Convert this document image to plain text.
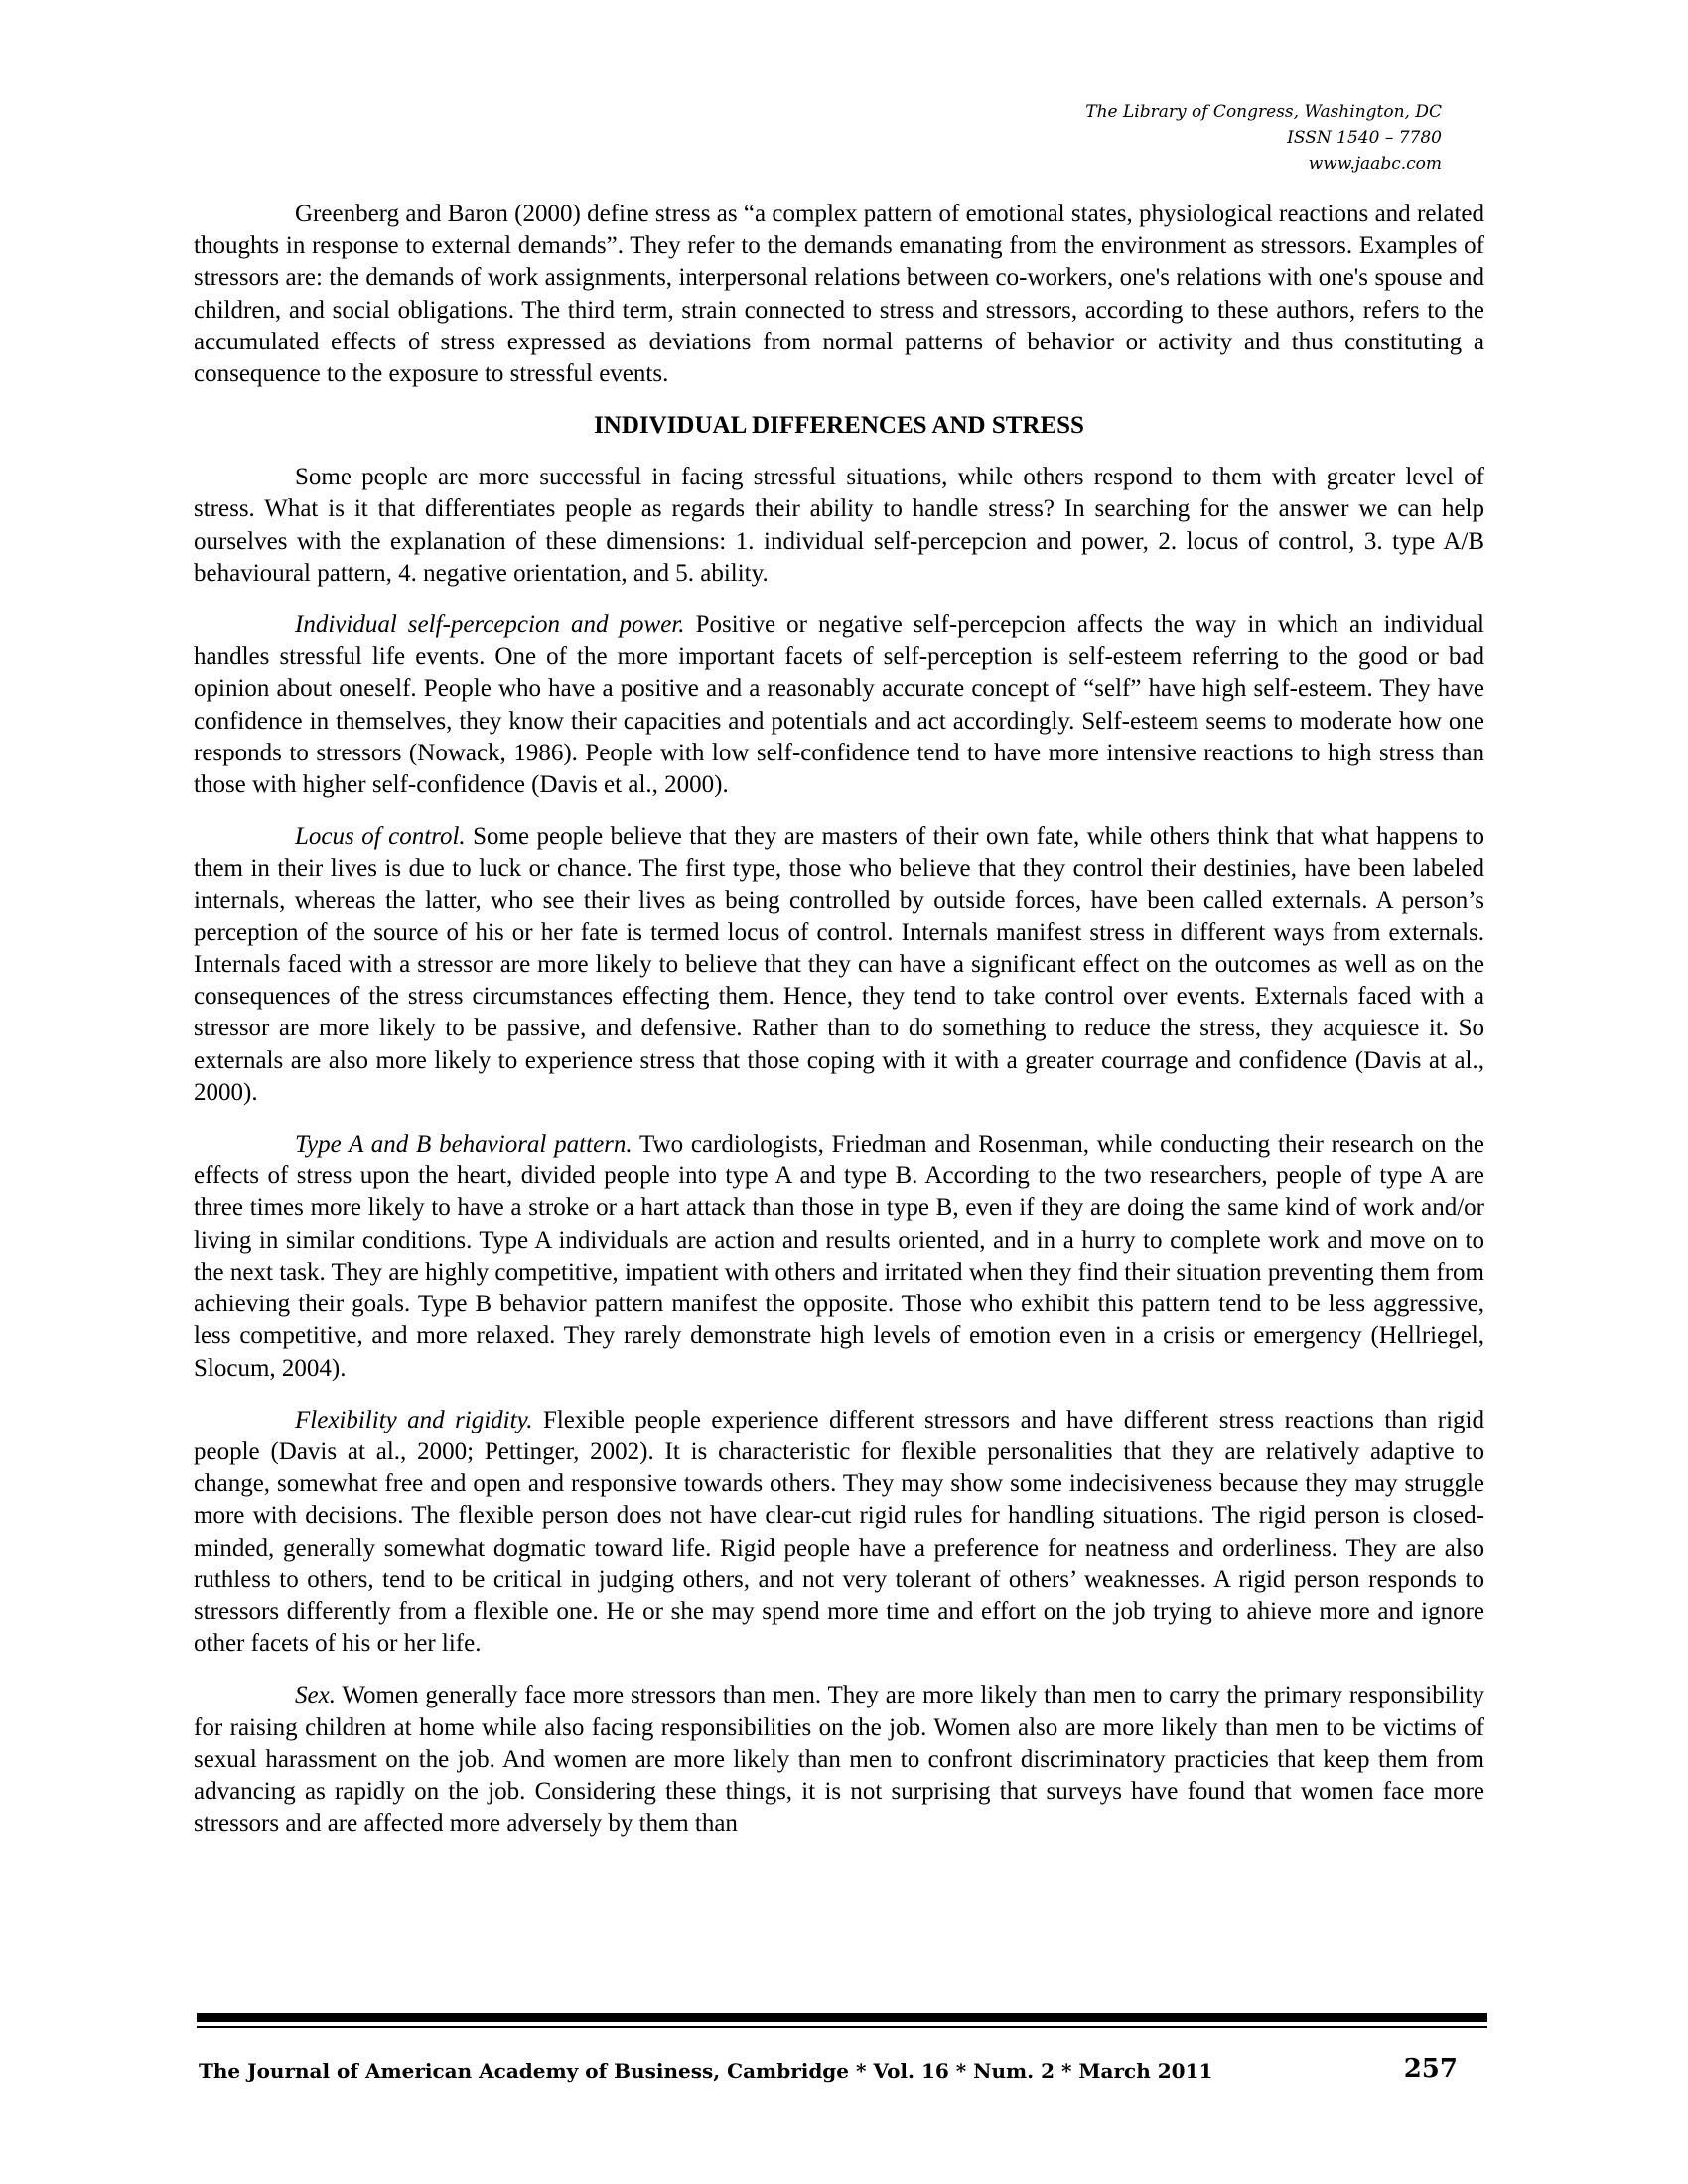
The Library of Congress, Washington, DC
ISSN 1540 – 7780
www.jaabc.com

Greenberg and Baron (2000) define stress as “a complex pattern of emotional states, physiological reactions and related thoughts in response to external demands”. They refer to the demands emanating from the environment as stressors. Examples of stressors are: the demands of work assignments, interpersonal relations between co-workers, one's relations with one's spouse and children, and social obligations. The third term, strain connected to stress and stressors, according to these authors, refers to the accumulated effects of stress expressed as deviations from normal patterns of behavior or activity and thus constituting a consequence to the exposure to stressful events.

INDIVIDUAL DIFFERENCES AND STRESS

Some people are more successful in facing stressful situations, while others respond to them with greater level of stress. What is it that differentiates people as regards their ability to handle stress? In searching for the answer we can help ourselves with the explanation of these dimensions: 1. individual self-percepcion and power, 2. locus of control, 3. type A/B behavioural pattern, 4. negative orientation, and 5. ability.

Individual self-percepcion and power. Positive or negative self-percepcion affects the way in which an individual handles stressful life events. One of the more important facets of self-perception is self-esteem referring to the good or bad opinion about oneself. People who have a positive and a reasonably accurate concept of “self” have high self-esteem. They have confidence in themselves, they know their capacities and potentials and act accordingly. Self-esteem seems to moderate how one responds to stressors (Nowack, 1986). People with low self-confidence tend to have more intensive reactions to high stress than those with higher self-confidence (Davis et al., 2000).

Locus of control. Some people believe that they are masters of their own fate, while others think that what happens to them in their lives is due to luck or chance. The first type, those who believe that they control their destinies, have been labeled internals, whereas the latter, who see their lives as being controlled by outside forces, have been called externals. A person’s perception of the source of his or her fate is termed locus of control. Internals manifest stress in different ways from externals. Internals faced with a stressor are more likely to believe that they can have a significant effect on the outcomes as well as on the consequences of the stress circumstances effecting them. Hence, they tend to take control over events. Externals faced with a stressor are more likely to be passive, and defensive. Rather than to do something to reduce the stress, they acquiesce it. So externals are also more likely to experience stress that those coping with it with a greater courrage and confidence (Davis at al., 2000).

Type A and B behavioral pattern. Two cardiologists, Friedman and Rosenman, while conducting their research on the effects of stress upon the heart, divided people into type A and type B. According to the two researchers, people of type A are three times more likely to have a stroke or a hart attack than those in type B, even if they are doing the same kind of work and/or living in similar conditions. Type A individuals are action and results oriented, and in a hurry to complete work and move on to the next task. They are highly competitive, impatient with others and irritated when they find their situation preventing them from achieving their goals. Type B behavior pattern manifest the opposite. Those who exhibit this pattern tend to be less aggressive, less competitive, and more relaxed. They rarely demonstrate high levels of emotion even in a crisis or emergency (Hellriegel, Slocum, 2004).

Flexibility and rigidity. Flexible people experience different stressors and have different stress reactions than rigid people (Davis at al., 2000; Pettinger, 2002). It is characteristic for flexible personalities that they are relatively adaptive to change, somewhat free and open and responsive towards others. They may show some indecisiveness because they may struggle more with decisions. The flexible person does not have clear-cut rigid rules for handling situations. The rigid person is closed-minded, generally somewhat dogmatic toward life. Rigid people have a preference for neatness and orderliness. They are also ruthless to others, tend to be critical in judging others, and not very tolerant of others’ weaknesses. A rigid person responds to stressors differently from a flexible one. He or she may spend more time and effort on the job trying to ahieve more and ignore other facets of his or her life.

Sex. Women generally face more stressors than men. They are more likely than men to carry the primary responsibility for raising children at home while also facing responsibilities on the job. Women also are more likely than men to be victims of sexual harassment on the job. And women are more likely than men to confront discriminatory practicies that keep them from advancing as rapidly on the job. Considering these things, it is not surprising that surveys have found that women face more stressors and are affected more adversely by them than

The Journal of American Academy of Business, Cambridge * Vol. 16 * Num. 2 * March 2011	257
